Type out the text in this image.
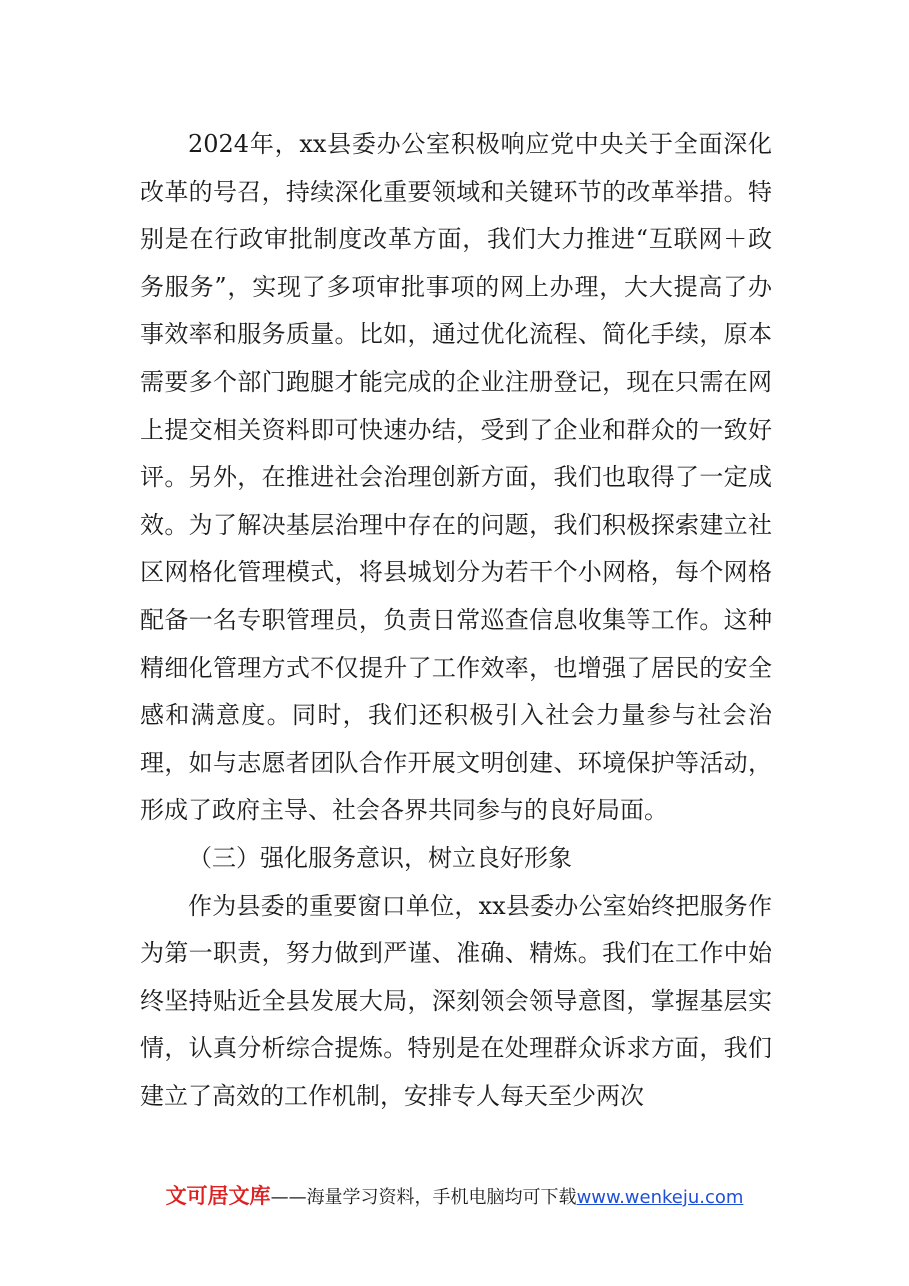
2024年，xx县委办公室积极响应党中央关于全面深化改革的号召，持续深化重要领域和关键环节的改革举措。特别是在行政审批制度改革方面，我们大力推进“互联网＋政务服务”，实现了多项审批事项的网上办理，大大提高了办事效率和服务质量。比如，通过优化流程、简化手续，原本需要多个部门跑腿才能完成的企业注册登记，现在只需在网上提交相关资料即可快速办结，受到了企业和群众的一致好评。另外，在推进社会治理创新方面，我们也取得了一定成效。为了解决基层治理中存在的问题，我们积极探索建立社区网格化管理模式，将县城划分为若干个小网格，每个网格配备一名专职管理员，负责日常巡查信息收集等工作。这种精细化管理方式不仅提升了工作效率，也增强了居民的安全感和满意度。同时，我们还积极引入社会力量参与社会治理，如与志愿者团队合作开展文明创建、环境保护等活动，形成了政府主导、社会各界共同参与的良好局面。

（三）强化服务意识，树立良好形象

作为县委的重要窗口单位，xx县委办公室始终把服务作为第一职责，努力做到严谨、准确、精炼。我们在工作中始终坚持贴近全县发展大局，深刻领会领导意图，掌握基层实情，认真分析综合提炼。特别是在处理群众诉求方面，我们建立了高效的工作机制，安排专人每天至少两次

文可居文库——海量学习资料，手机电脑均可下载www.wenkeju.com
